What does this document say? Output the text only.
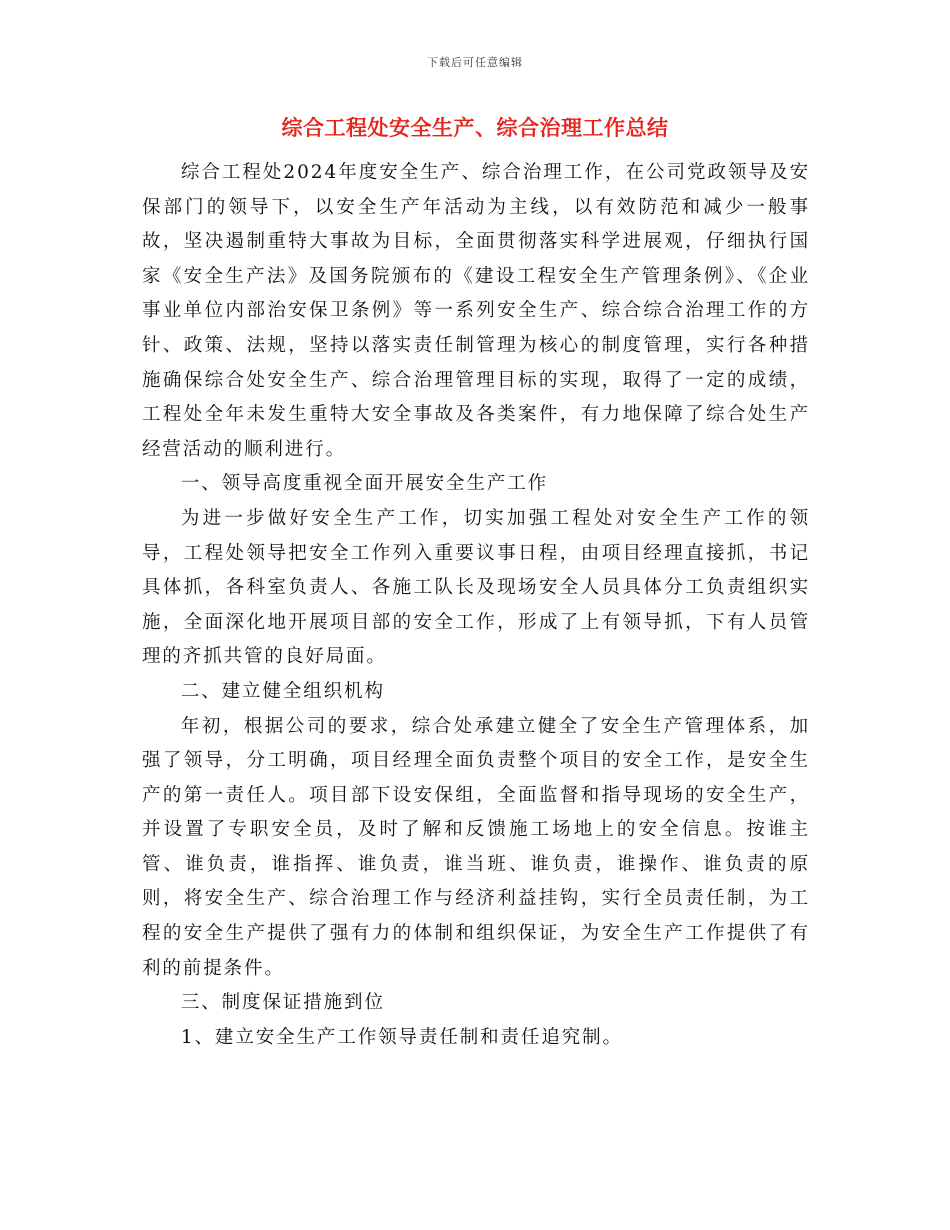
下载后可任意编辑
综合工程处安全生产、综合治理工作总结

综合工程处2024年度安全生产、综合治理工作，在公司党政领导及安保部门的领导下，以安全生产年活动为主线，以有效防范和减少一般事故，坚决遏制重特大事故为目标，全面贯彻落实科学进展观，仔细执行国家《安全生产法》及国务院颁布的《建设工程安全生产管理条例》、《企业事业单位内部治安保卫条例》等一系列安全生产、综合综合治理工作的方针、政策、法规，坚持以落实责任制管理为核心的制度管理，实行各种措施确保综合处安全生产、综合治理管理目标的实现，取得了一定的成绩，工程处全年未发生重特大安全事故及各类案件，有力地保障了综合处生产经营活动的顺利进行。

一、领导高度重视全面开展安全生产工作

为进一步做好安全生产工作，切实加强工程处对安全生产工作的领导，工程处领导把安全工作列入重要议事日程，由项目经理直接抓，书记具体抓，各科室负责人、各施工队长及现场安全人员具体分工负责组织实施，全面深化地开展项目部的安全工作，形成了上有领导抓，下有人员管理的齐抓共管的良好局面。

二、建立健全组织机构

年初，根据公司的要求，综合处承建立健全了安全生产管理体系，加强了领导，分工明确，项目经理全面负责整个项目的安全工作，是安全生产的第一责任人。项目部下设安保组，全面监督和指导现场的安全生产，并设置了专职安全员，及时了解和反馈施工场地上的安全信息。按谁主管、谁负责，谁指挥、谁负责，谁当班、谁负责，谁操作、谁负责的原则，将安全生产、综合治理工作与经济利益挂钩，实行全员责任制，为工程的安全生产提供了强有力的体制和组织保证，为安全生产工作提供了有利的前提条件。

三、制度保证措施到位

1、建立安全生产工作领导责任制和责任追究制。
